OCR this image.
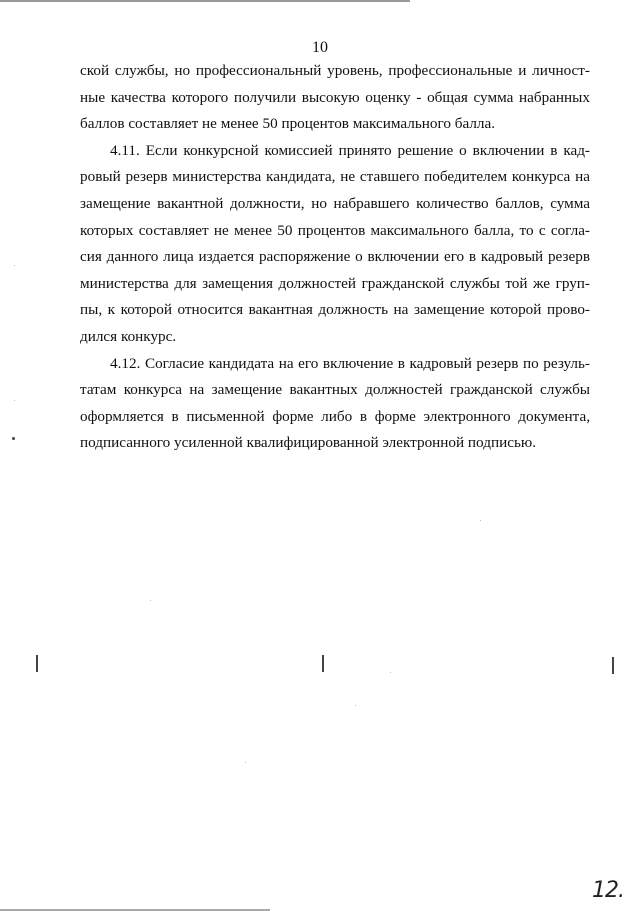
10

ской службы, но профессиональный уровень, профессиональные и личност-
ные качества которого получили высокую оценку - общая сумма набранных
баллов составляет не менее 50 процентов максимального балла.

4.11. Если конкурсной комиссией принято решение о включении в кад-
ровый резерв министерства кандидата, не ставшего победителем конкурса на
замещение вакантной должности, но набравшего количество баллов, сумма
которых составляет не менее 50 процентов максимального балла, то с согла-
сия данного лица издается распоряжение о включении его в кадровый резерв
министерства для замещения должностей гражданской службы той же груп-
пы, к которой относится вакантная должность на замещение которой прово-
дился конкурс.

4.12. Согласие кандидата на его включение в кадровый резерв по резуль-
татам конкурса на замещение вакантных должностей гражданской службы
оформляется в письменной форме либо в форме электронного документа,
подписанного усиленной квалифицированной электронной подписью.

12.
